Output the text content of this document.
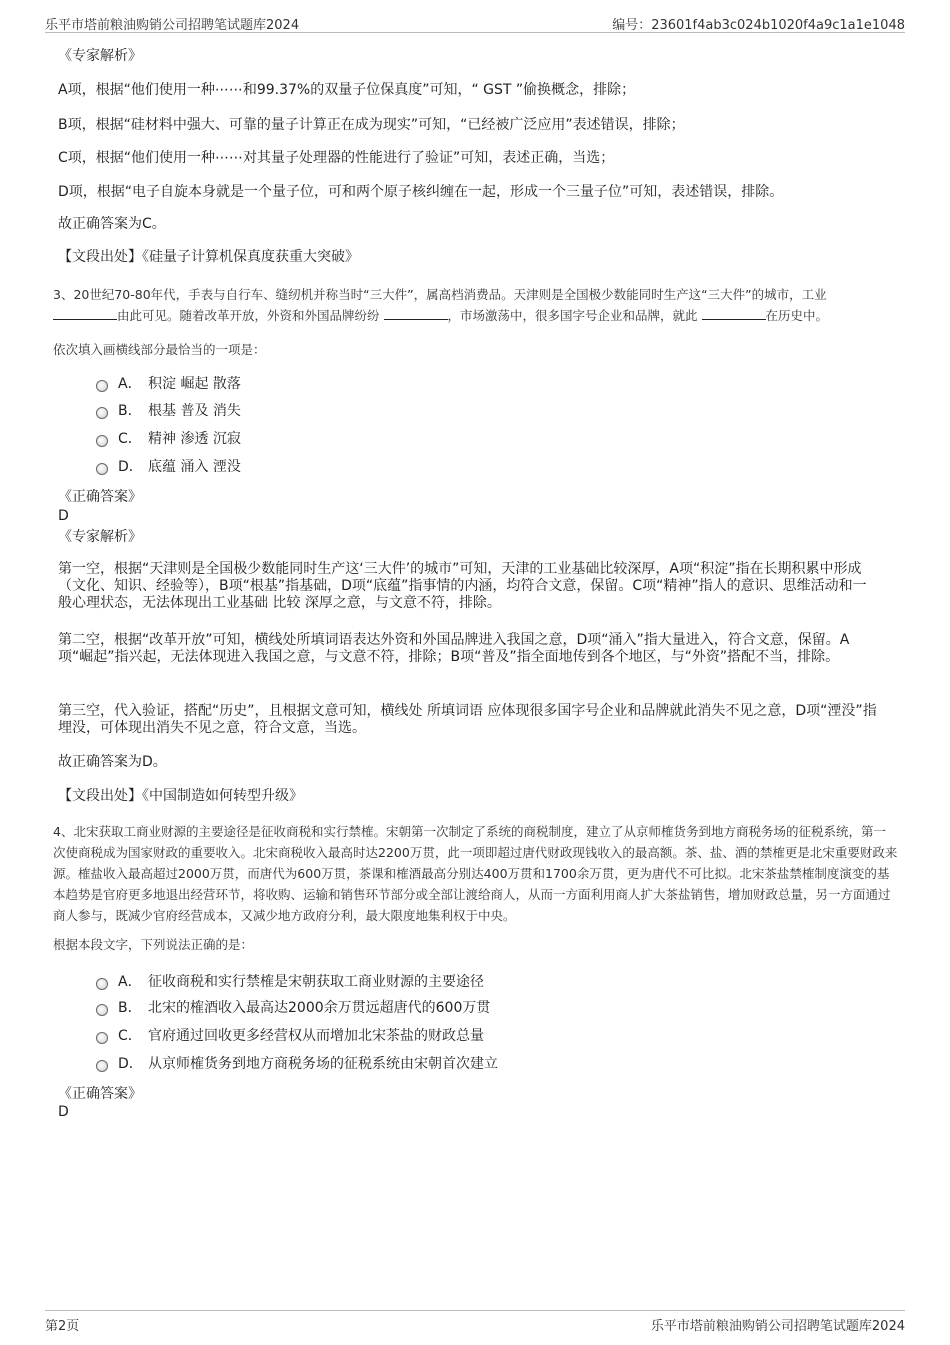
乐平市塔前粮油购销公司招聘笔试题库2024	编号：23601f4ab3c024b1020f4a9c1a1e1048
《专家解析》
A项，根据“他们使用一种⋯⋯和99.37%的双量子位保真度”可知，“ GST ”偷换概念，排除；
B项，根据“硅材料中强大、可靠的量子计算正在成为现实”可知，“已经被广泛应用”表述错误，排除；
C项，根据“他们使用一种⋯⋯对其量子处理器的性能进行了验证”可知，表述正确，当选；
D项，根据“电子自旋本身就是一个量子位，可和两个原子核纠缠在一起，形成一个三量子位”可知，表述错误，排除。
故正确答案为C。
【文段出处】《硅量子计算机保真度获重大突破》
3、20世纪70-80年代，手表与自行车、缝纫机并称当时“三大件”，属高档消费品。天津则是全国极少数能同时生产这“三大件”的城市，工业
由此可见。随着改革开放，外资和外国品牌纷纷	，市场激荡中，很多国字号企业和品牌，就此	在历史中。
依次填入画横线部分最恰当的一项是：
A． 积淀 崛起 散落
B． 根基 普及 消失
C． 精神 渗透 沉寂
D． 底蕴 涌入 湮没
《正确答案》
D
《专家解析》
第一空，根据“天津则是全国极少数能同时生产这‘三大件’的城市”可知，天津的工业基础比较深厚，A项“积淀”指在长期积累中形成（文化、知识、经验等），B项“根基”指基础，D项“底蕴”指事情的内涵，均符合文意，保留。C项“精神”指人的意识、思维活动和一般心理状态，无法体现出工业基础 比较 深厚之意，与文意不符，排除。
第二空，根据“改革开放”可知，横线处所填词语表达外资和外国品牌进入我国之意，D项“涌入”指大量进入，符合文意，保留。A项“崛起”指兴起，无法体现进入我国之意，与文意不符，排除；B项“普及”指全面地传到各个地区，与“外资”搭配不当，排除。
第三空，代入验证，搭配“历史”，且根据文意可知，横线处 所填词语 应体现很多国字号企业和品牌就此消失不见之意，D项“湮没”指埋没，可体现出消失不见之意，符合文意，当选。
故正确答案为D。
【文段出处】《中国制造如何转型升级》
4、北宋获取工商业财源的主要途径是征收商税和实行禁榷。宋朝第一次制定了系统的商税制度，建立了从京师榷货务到地方商税务场的征税系统，第一次使商税成为国家财政的重要收入。北宋商税收入最高时达2200万贯，此一项即超过唐代财政现钱收入的最高额。茶、盐、酒的禁榷更是北宋重要财政来源。榷盐收入最高超过2000万贯，而唐代为600万贯，茶课和榷酒最高分别达400万贯和1700余万贯，更为唐代不可比拟。北宋茶盐禁榷制度演变的基本趋势是官府更多地退出经营环节，将收购、运输和销售环节部分或全部让渡给商人，从而一方面利用商人扩大茶盐销售，增加财政总量，另一方面通过商人参与，既减少官府经营成本，又减少地方政府分利，最大限度地集利权于中央。
根据本段文字，下列说法正确的是：
A． 征收商税和实行禁榷是宋朝获取工商业财源的主要途径
B． 北宋的榷酒收入最高达2000余万贯远超唐代的600万贯
C． 官府通过回收更多经营权从而增加北宋茶盐的财政总量
D． 从京师榷货务到地方商税务场的征税系统由宋朝首次建立
《正确答案》
D
第2页	乐平市塔前粮油购销公司招聘笔试题库2024
